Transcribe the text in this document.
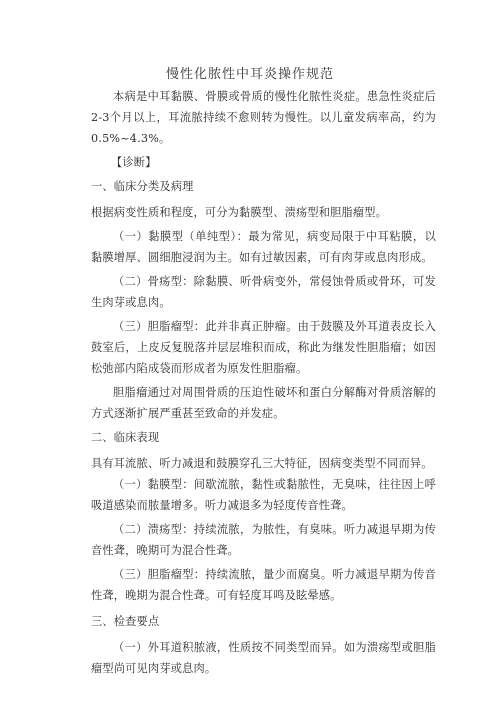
慢性化脓性中耳炎操作规范

本病是中耳黏膜、骨膜或骨质的慢性化脓性炎症。患急性炎症后2-3个月以上，耳流脓持续不愈则转为慢性。以儿童发病率高，约为0.5%~4.3%。

【诊断】

一、临床分类及病理

根据病变性质和程度，可分为黏膜型、溃疡型和胆脂瘤型。

（一）黏膜型（单纯型）：最为常见，病变局限于中耳粘膜，以黏膜增厚、圆细胞浸润为主。如有过敏因素，可有肉芽或息肉形成。

（二）骨疡型：除黏膜、听骨病变外，常侵蚀骨质或骨环，可发生肉芽或息肉。

（三）胆脂瘤型：此并非真正肿瘤。由于鼓膜及外耳道表皮长入鼓室后，上皮反复脱落并层层堆积而成，称此为继发性胆脂瘤；如因松弛部内陷成袋而形成者为原发性胆脂瘤。

胆脂瘤通过对周围骨质的压迫性破坏和蛋白分解酶对骨质溶解的方式逐渐扩展严重甚至致命的并发症。

二、临床表现

具有耳流脓、听力减退和鼓膜穿孔三大特征，因病变类型不同而异。

（一）黏膜型：间歇流脓，黏性或黏脓性，无臭味，往往因上呼吸道感染而脓量增多。听力减退多为轻度传音性聋。

（二）溃疡型：持续流脓，为脓性，有臭味。听力减退早期为传音性聋，晚期可为混合性聋。

（三）胆脂瘤型：持续流脓，量少而腐臭。听力减退早期为传音性聋，晚期为混合性聋。可有轻度耳鸣及眩晕感。

三、检查要点

（一）外耳道积脓液，性质按不同类型而异。如为溃疡型或胆脂瘤型尚可见肉芽或息肉。
